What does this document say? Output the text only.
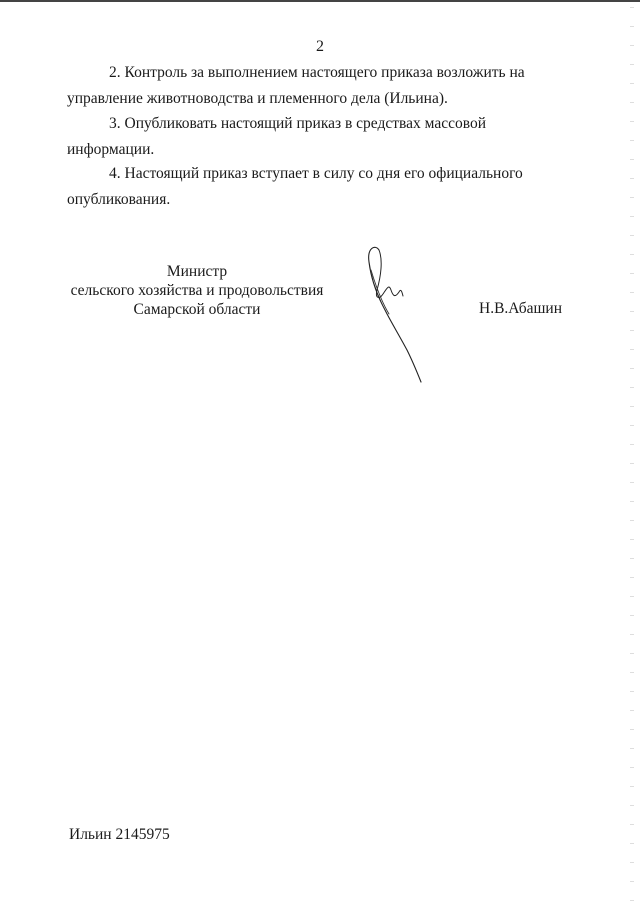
2
2. Контроль за выполнением настоящего приказа возложить на
управление животноводства и племенного дела (Ильина).
3. Опубликовать настоящий приказ в средствах массовой
информации.
4. Настоящий приказ вступает в силу со дня его официального
опубликования.
Министр
сельского хозяйства и продовольствия
Самарской области	Н.В.Абашин
Ильин 2145975
